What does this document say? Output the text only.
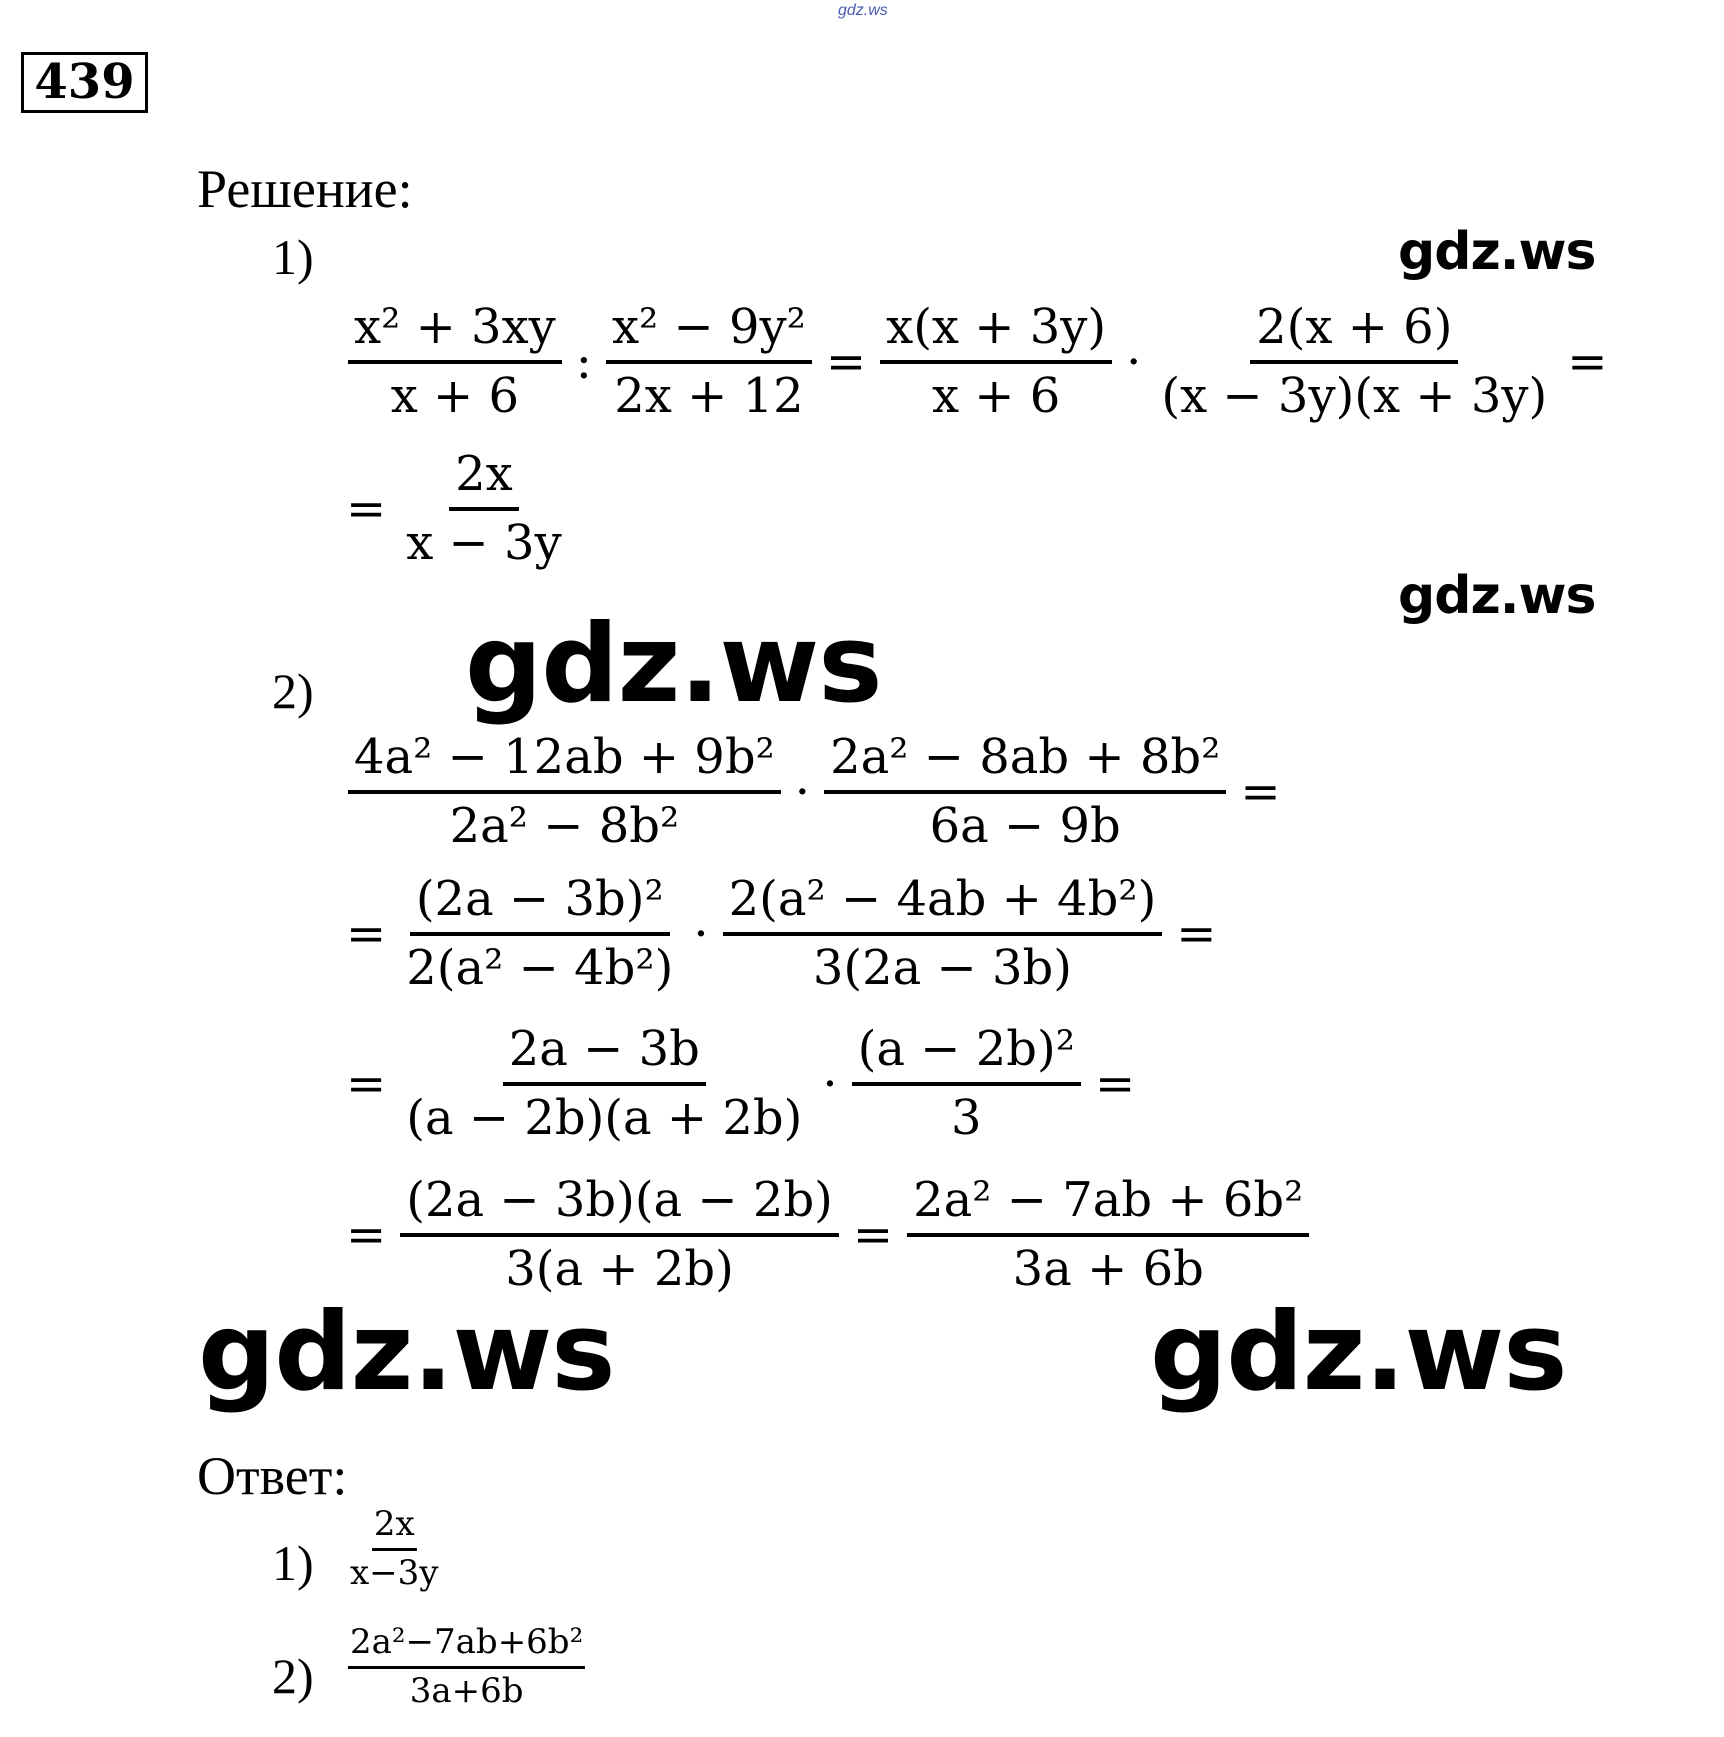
gdz.ws
439
Решение:
1)	gdz.ws
$\frac{\text{x² + 3xy}}{x + 6}$ : $\frac{\text{x² − 9y²}}{2x + 12} = \frac{x(x + 3y)}{x + 6} \cdot \frac{2(x + 6)}{(x - 3y)(x + 3y)}$ =
= $\frac{2x}{x - 3y}$
gdz.ws
2) gdz.ws
$\frac{\text{4a² − 12ab + 9b²}}{\text{2a² − 8b²}} \cdot \frac{\text{2a² − 8ab + 8b²}}{6a - 9b}$ =
= $\frac{\text{(2a − 3b)²}}{\text{2(a² − 4b²)}} \cdot \frac{\text{2(a² − 4ab + 4b²)}}{3(2a - 3b)}$ =
= $\frac{2a - 3b}{(a - 2b)(a + 2b)} \cdot \frac{\text{(a − 2b)²}}{3}$ =
= $\frac{(2a - 3b)(a - 2b)}{3(a + 2b)} = \frac{\text{2a² − 7ab + 6b²}}{3a + 6b}$
gdz.ws	gdz.ws
Ответ:
$1) \frac{2x}{x-3y}$
$2) \frac{\text{2a²−7ab+6b²}}{3a+6b}$
